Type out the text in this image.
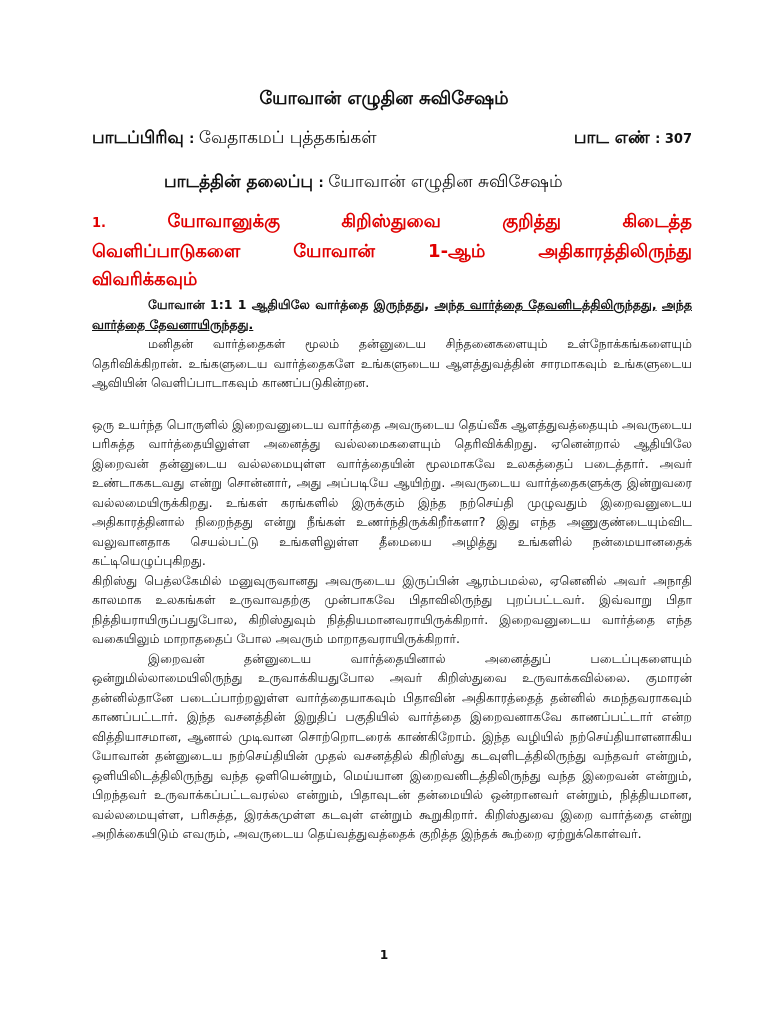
யோவான் எழுதின சுவிசேஷம்
பாடப்பிரிவு : வேதாகமப் புத்தகங்கள்	பாட எண் : 307
பாடத்தின் தலைப்பு : யோவான் எழுதின சுவிசேஷம்
1.	யோவானுக்கு கிறிஸ்துவை குறித்து கிடைத்த
வெளிப்பாடுகளை யோவான் 1-ஆம் அதிகாரத்திலிருந்து
விவரிக்கவும்

யோவான் 1:1 1 ஆதியிலே வார்த்தை இருந்தது, அந்த வார்த்தை தேவனிடத்திலிருந்தது, அந்த வார்த்தை தேவனாயிருந்தது.

மனிதன் வார்த்தைகள் மூலம் தன்னுடைய சிந்தனைகளையும் உள்நோக்கங்களையும் தெரிவிக்கிறான். உங்களுடைய வார்த்தைகளே உங்களுடைய ஆளத்துவத்தின் சாரமாகவும் உங்களுடைய ஆவியின் வெளிப்பாடாகவும் காணப்படுகின்றன.

ஒரு உயர்ந்த பொருளில் இறைவனுடைய வார்த்தை அவருடைய தெய்வீக ஆளத்துவத்தையும் அவருடைய பரிசுத்த வார்த்தையிலுள்ள அனைத்து வல்லமைகளையும் தெரிவிக்கிறது. ஏனென்றால் ஆதியிலே இறைவன் தன்னுடைய வல்லமையுள்ள வார்த்தையின் மூலமாகவே உலகத்தைப் படைத்தார். அவர் உண்டாககடவது என்று சொன்னார், அது அப்படியே ஆயிற்று. அவருடைய வார்த்தைகளுக்கு இன்றுவரை வல்லமையிருக்கிறது. உங்கள் கரங்களில் இருக்கும் இந்த நற்செய்தி முழுவதும் இறைவனுடைய அதிகாரத்தினால் நிறைந்தது என்று நீங்கள் உணர்ந்திருக்கிறீர்களா? இது எந்த அணுகுண்டையும்விட வலுவானதாக செயல்பட்டு உங்களிலுள்ள தீமையை அழித்து உங்களில் நன்மையானதைக் கட்டியெழுப்புகிறது.

கிறிஸ்து பெத்லகேமில் மனுவுருவானது அவருடைய இருப்பின் ஆரம்பமல்ல, ஏனெனில் அவர் அநாதி காலமாக உலகங்கள் உருவாவதற்கு முன்பாகவே பிதாவிலிருந்து புறப்பட்டவர். இவ்வாறு பிதா நித்தியராயிருப்பதுபோல, கிறிஸ்துவும் நித்தியமானவராயிருக்கிறார். இறைவனுடைய வார்த்தை எந்த வகையிலும் மாறாததைப் போல அவரும் மாறாதவராயிருக்கிறார்.

இறைவன் தன்னுடைய வார்த்தையினால் அனைத்துப் படைப்புகளையும் ஒன்றுமில்லாமையிலிருந்து உருவாக்கியதுபோல அவர் கிறிஸ்துவை உருவாக்கவில்லை. குமாரன் தன்னில்தானே படைப்பாற்றலுள்ள வார்த்தையாகவும் பிதாவின் அதிகாரத்தைத் தன்னில் சுமந்தவராகவும் காணப்பட்டார். இந்த வசனத்தின் இறுதிப் பகுதியில் வார்த்தை இறைவனாகவே காணப்பட்டார் என்ற வித்தியாசமான, ஆனால் முடிவான சொற்றொடரைக் காண்கிறோம். இந்த வழியில் நற்செய்தியாளனாகிய யோவான் தன்னுடைய நற்செய்தியின் முதல் வசனத்தில் கிறிஸ்து கடவுளிடத்திலிருந்து வந்தவர் என்றும், ஒளியிலிடத்திலிருந்து வந்த ஒளியென்றும், மெய்யான இறைவனிடத்திலிருந்து வந்த இறைவன் என்றும், பிறந்தவர் உருவாக்கப்பட்டவரல்ல என்றும், பிதாவுடன் தன்மையில் ஒன்றானவர் என்றும், நித்தியமான, வல்லமையுள்ள, பரிசுத்த, இரக்கமுள்ள கடவுள் என்றும் கூறுகிறார். கிறிஸ்துவை இறை வார்த்தை என்று அறிக்கையிடும் எவரும், அவருடைய தெய்வத்துவத்தைக் குறித்த இந்தக் கூற்றை ஏற்றுக்கொள்வர்.

1
